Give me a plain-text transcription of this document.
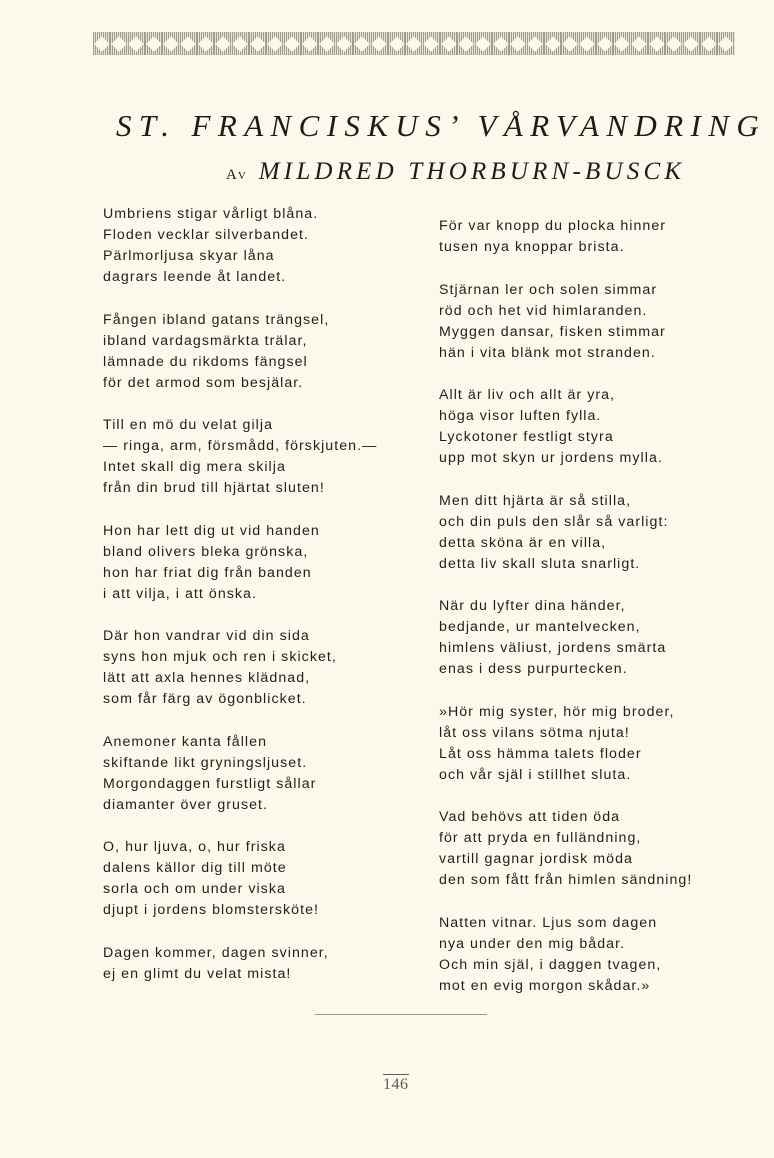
ST. FRANCISKUS’ VÅRVANDRING
Av MILDRED THORBURN-BUSCK
Umbriens stigar vårligt blåna.
Floden vecklar silverbandet.
Pärlmorljusa skyar låna
dagrars leende åt landet.
Fången ibland gatans trängsel,
ibland vardagsmärkta trälar,
lämnade du rikdoms fängsel
för det armod som besjälar.
Till en mö du velat gilja
— ringa, arm, försmådd, förskjuten.—
Intet skall dig mera skilja
från din brud till hjärtat sluten!
Hon har lett dig ut vid handen
bland olivers bleka grönska,
hon har friat dig från banden
i att vilja, i att önska.
Där hon vandrar vid din sida
syns hon mjuk och ren i skicket,
lätt att axla hennes klädnad,
som får färg av ögonblicket.
Anemoner kanta fållen
skiftande likt gryningsljuset.
Morgondaggen furstligt sållar
diamanter över gruset.
O, hur ljuva, o, hur friska
dalens källor dig till möte
sorla och om under viska
djupt i jordens blomstersköte!
Dagen kommer, dagen svinner,
ej en glimt du velat mista!
För var knopp du plocka hinner
tusen nya knoppar brista.
Stjärnan ler och solen simmar
röd och het vid himlaranden.
Myggen dansar, fisken stimmar
hän i vita blänk mot stranden.
Allt är liv och allt är yra,
höga visor luften fylla.
Lyckotoner festligt styra
upp mot skyn ur jordens mylla.
Men ditt hjärta är så stilla,
och din puls den slår så varligt:
detta sköna är en villa,
detta liv skall sluta snarligt.
När du lyfter dina händer,
bedjande, ur mantelvecken,
himlens väliust, jordens smärta
enas i dess purpurtecken.
»Hör mig syster, hör mig broder,
låt oss vilans sötma njuta!
Låt oss hämma talets floder
och vår själ i stillhet sluta.
Vad behövs att tiden öda
för att pryda en fulländning,
vartill gagnar jordisk möda
den som fått från himlen sändning!
Natten vitnar. Ljus som dagen
nya under den mig bådar.
Och min själ, i daggen tvagen,
mot en evig morgon skådar.»
146
